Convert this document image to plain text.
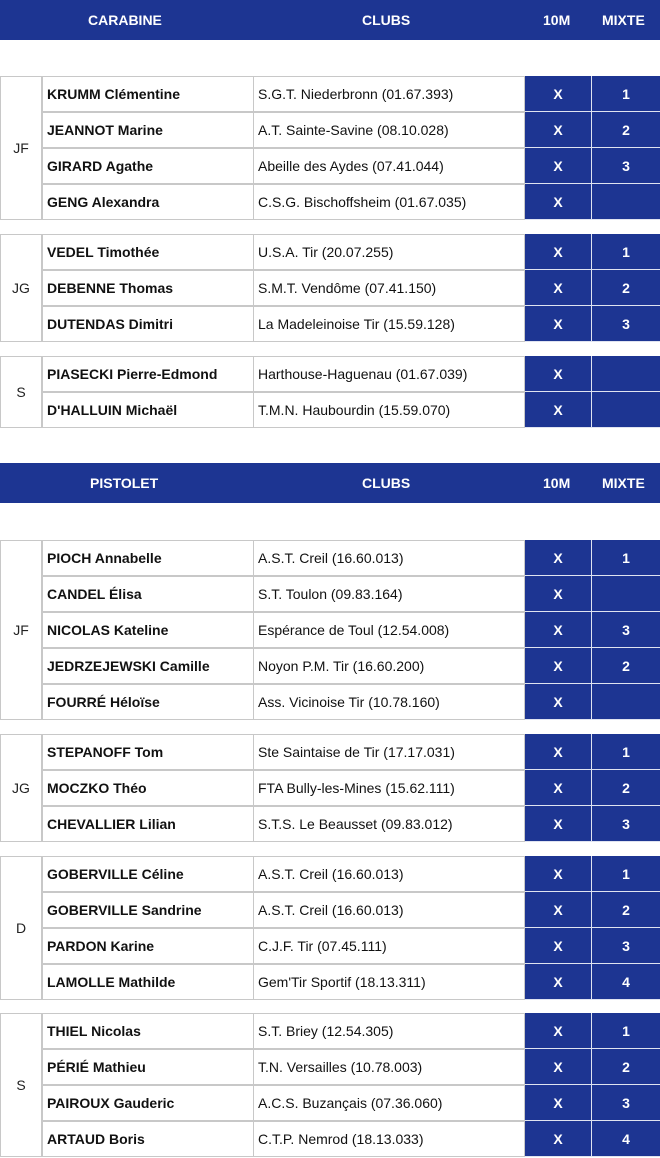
CARABINE	CLUBS	10M MIXTE
JF
KRUMM Clémentine	S.G.T. Niederbronn (01.67.393)	X	1
JEANNOT Marine	A.T. Sainte-Savine (08.10.028)	X	2
GIRARD Agathe	Abeille des Aydes (07.41.044)	X	3
GENG Alexandra	C.S.G. Bischoffsheim (01.67.035)	X
JG
VEDEL Timothée	U.S.A. Tir (20.07.255)	X	1
DEBENNE Thomas	S.M.T. Vendôme (07.41.150)	X	2
DUTENDAS Dimitri	La Madeleinoise Tir (15.59.128)	X	3
S
PIASECKI Pierre-Edmond	Harthouse-Haguenau (01.67.039)	X
D'HALLUIN Michaël	T.M.N. Haubourdin (15.59.070)	X
PISTOLET	CLUBS	10M MIXTE
JF
PIOCH Annabelle	A.S.T. Creil (16.60.013)	X	1
CANDEL Élisa	S.T. Toulon (09.83.164)	X
NICOLAS Kateline	Espérance de Toul (12.54.008)	X	3
JEDRZEJEWSKI Camille	Noyon P.M. Tir (16.60.200)	X	2
FOURRÉ Héloïse	Ass. Vicinoise Tir (10.78.160)	X
JG
STEPANOFF Tom	Ste Saintaise de Tir (17.17.031)	X	1
MOCZKO Théo	FTA Bully-les-Mines (15.62.111)	X	2
CHEVALLIER Lilian	S.T.S. Le Beausset (09.83.012)	X	3
D
GOBERVILLE Céline	A.S.T. Creil (16.60.013)	X	1
GOBERVILLE Sandrine	A.S.T. Creil (16.60.013)	X	2
PARDON Karine	C.J.F. Tir (07.45.111)	X	3
LAMOLLE Mathilde	Gem'Tir Sportif (18.13.311)	X	4
S
THIEL Nicolas	S.T. Briey (12.54.305)	X	1
PÉRIÉ Mathieu	T.N. Versailles (10.78.003)	X	2
PAIROUX Gauderic	A.C.S. Buzançais (07.36.060)	X	3
ARTAUD Boris	C.T.P. Nemrod (18.13.033)	X	4
